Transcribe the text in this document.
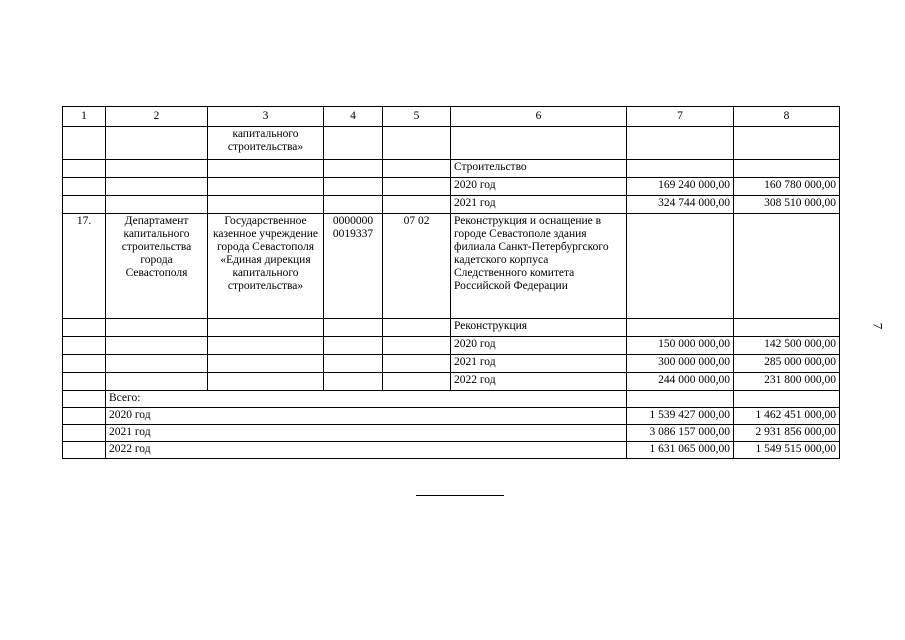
1	2	3	4	5	6	7	8
		капитального строительства»					
					Строительство		
					2020 год	169 240 000,00	160 780 000,00
					2021 год	324 744 000,00	308 510 000,00
17.	Департамент капитального строительства города Севастополя	Государственное казенное учреждение города Севастополя «Единая дирекция капитального строительства»	0000000 0019337	07 02	Реконструкция и оснащение в городе Севастополе здания филиала Санкт-Петербургского кадетского корпуса Следственного комитета Российской Федерации		
					Реконструкция		
					2020 год	150 000 000,00	142 500 000,00
					2021 год	300 000 000,00	285 000 000,00
					2022 год	244 000 000,00	231 800 000,00
	Всего:						
	2020 год					1 539 427 000,00	1 462 451 000,00
	2021 год					3 086 157 000,00	2 931 856 000,00
	2022 год					1 631 065 000,00	1 549 515 000,00
7
